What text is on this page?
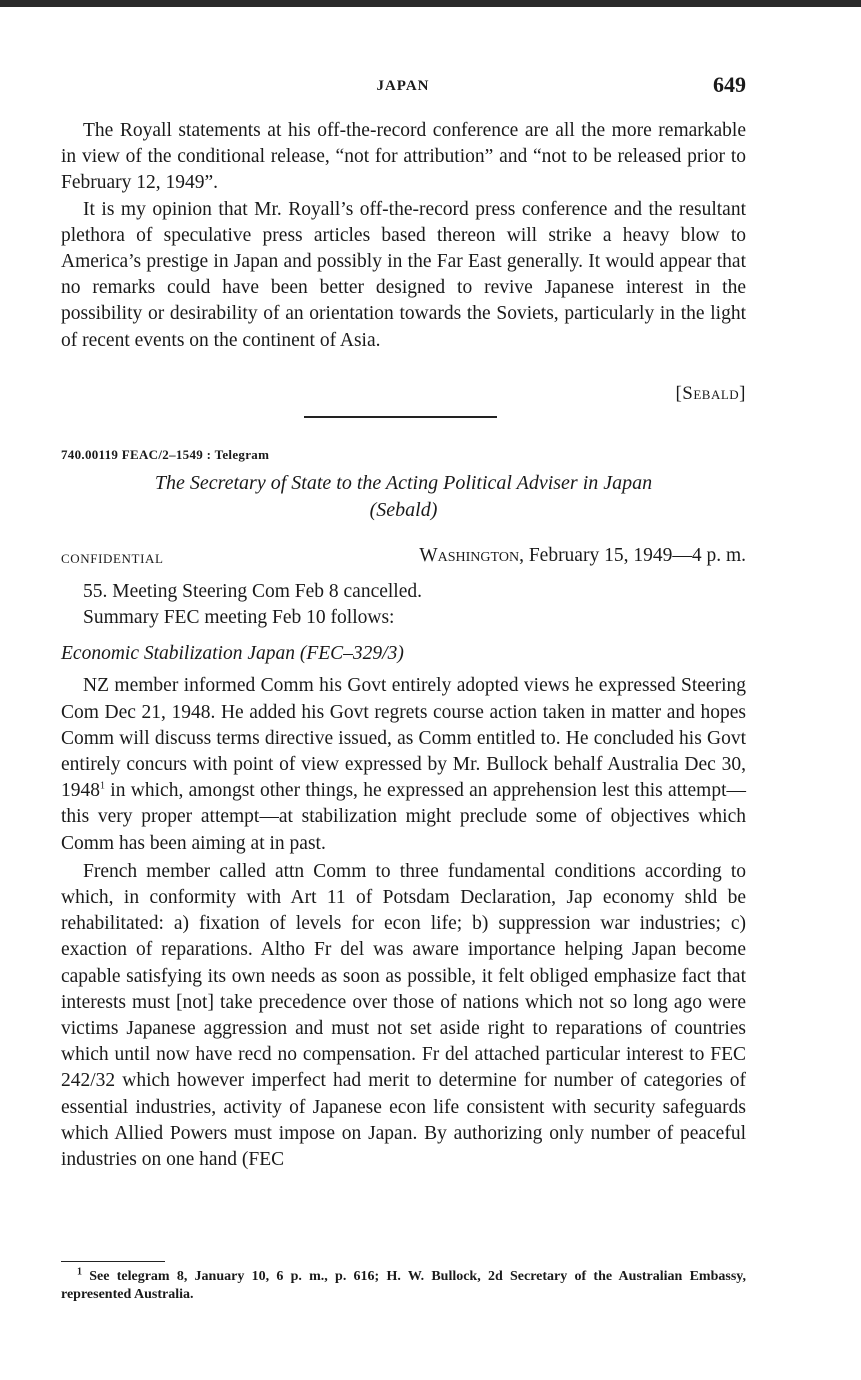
JAPAN	649

The Royall statements at his off-the-record conference are all the more remarkable in view of the conditional release, “not for attribution” and “not to be released prior to February 12, 1949”.

It is my opinion that Mr. Royall’s off-the-record press conference and the resultant plethora of speculative press articles based thereon will strike a heavy blow to America’s prestige in Japan and possibly in the Far East generally. It would appear that no remarks could have been better designed to revive Japanese interest in the possibility or desirability of an orientation towards the Soviets, particularly in the light of recent events on the continent of Asia.

[Sebald]
740.00119 FEAC/2–1549 : Telegram
The Secretary of State to the Acting Political Adviser in Japan
(Sebald)
CONFIDENTIAL	Washington, February 15, 1949—4 p. m.

55. Meeting Steering Com Feb 8 cancelled.

Summary FEC meeting Feb 10 follows:

Economic Stabilization Japan (FEC–329/3)

NZ member informed Comm his Govt entirely adopted views he expressed Steering Com Dec 21, 1948. He added his Govt regrets course action taken in matter and hopes Comm will discuss terms directive issued, as Comm entitled to. He concluded his Govt entirely concurs with point of view expressed by Mr. Bullock behalf Australia Dec 30, 1948$^1$ in which, amongst other things, he expressed an apprehension lest this attempt—this very proper attempt—at stabilization might preclude some of objectives which Comm has been aiming at in past.

French member called attn Comm to three fundamental conditions according to which, in conformity with Art 11 of Potsdam Declaration, Jap economy shld be rehabilitated: a) fixation of levels for econ life; b) suppression war industries; c) exaction of reparations. Altho Fr del was aware importance helping Japan become capable satisfying its own needs as soon as possible, it felt obliged emphasize fact that interests must [not] take precedence over those of nations which not so long ago were victims Japanese aggression and must not set aside right to reparations of countries which until now have recd no compensation. Fr del attached particular interest to FEC 242/32 which however imperfect had merit to determine for number of categories of essential industries, activity of Japanese econ life consistent with security safeguards which Allied Powers must impose on Japan. By authorizing only number of peaceful industries on one hand (FEC

$^1$ See telegram 8, January 10, 6 p. m., p. 616; H. W. Bullock, 2d Secretary of the Australian Embassy, represented Australia.
